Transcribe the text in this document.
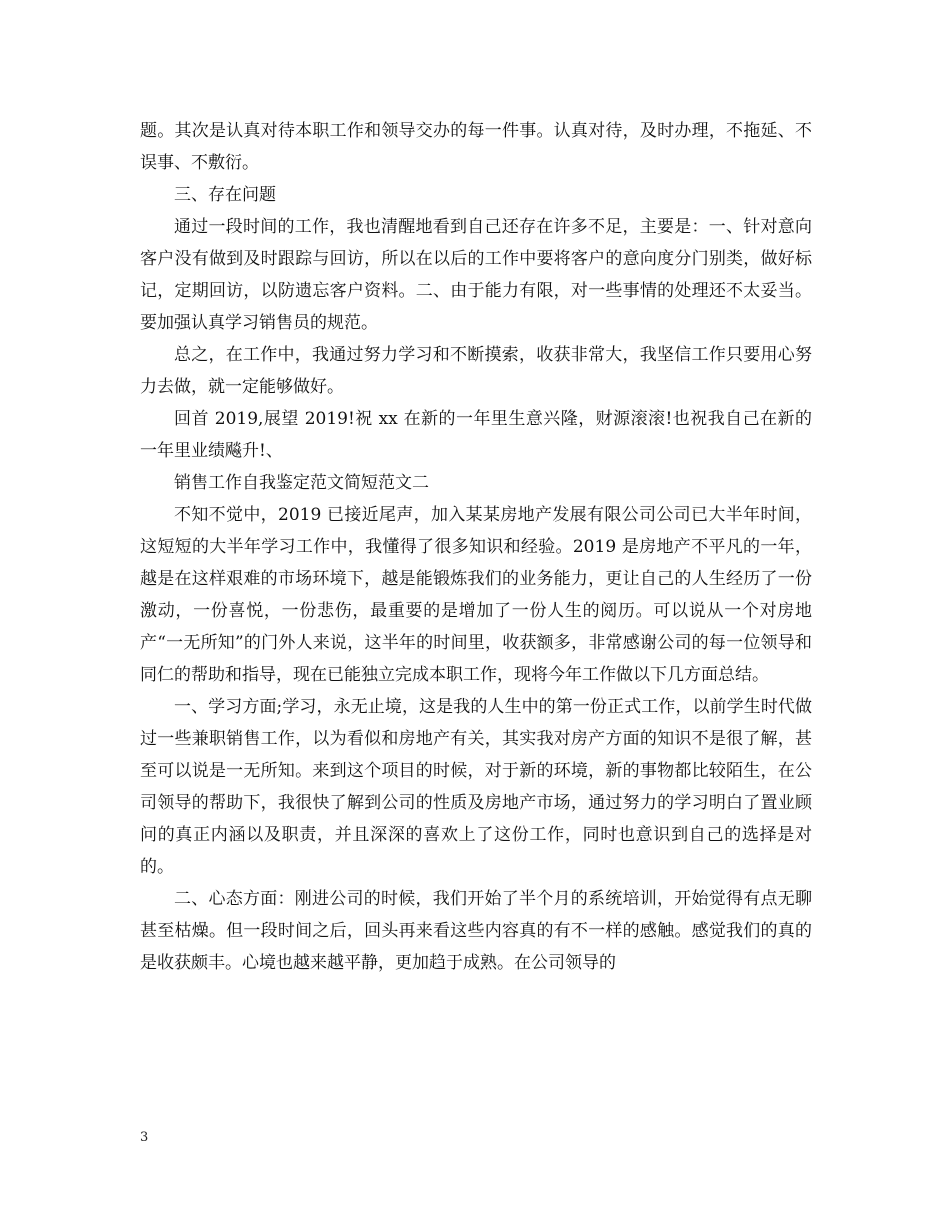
题。其次是认真对待本职工作和领导交办的每一件事。认真对待，及时办理，不拖延、不误事、不敷衍。

三、存在问题

通过一段时间的工作，我也清醒地看到自己还存在许多不足，主要是：一、针对意向客户没有做到及时跟踪与回访，所以在以后的工作中要将客户的意向度分门别类，做好标记，定期回访，以防遗忘客户资料。二、由于能力有限，对一些事情的处理还不太妥当。要加强认真学习销售员的规范。

总之，在工作中，我通过努力学习和不断摸索，收获非常大，我坚信工作只要用心努力去做，就一定能够做好。

回首 2019,展望 2019!祝 xx 在新的一年里生意兴隆，财源滚滚!也祝我自己在新的一年里业绩飚升!、

销售工作自我鉴定范文简短范文二

不知不觉中，2019 已接近尾声，加入某某房地产发展有限公司公司已大半年时间，这短短的大半年学习工作中，我懂得了很多知识和经验。2019 是房地产不平凡的一年，越是在这样艰难的市场环境下，越是能锻炼我们的业务能力，更让自己的人生经历了一份激动，一份喜悦，一份悲伤，最重要的是增加了一份人生的阅历。可以说从一个对房地产“一无所知”的门外人来说，这半年的时间里，收获额多，非常感谢公司的每一位领导和同仁的帮助和指导，现在已能独立完成本职工作，现将今年工作做以下几方面总结。

一、学习方面;学习，永无止境，这是我的人生中的第一份正式工作，以前学生时代做过一些兼职销售工作，以为看似和房地产有关，其实我对房产方面的知识不是很了解，甚至可以说是一无所知。来到这个项目的时候，对于新的环境，新的事物都比较陌生，在公司领导的帮助下，我很快了解到公司的性质及房地产市场，通过努力的学习明白了置业顾问的真正内涵以及职责，并且深深的喜欢上了这份工作，同时也意识到自己的选择是对的。

二、心态方面：刚进公司的时候，我们开始了半个月的系统培训，开始觉得有点无聊甚至枯燥。但一段时间之后，回头再来看这些内容真的有不一样的感触。感觉我们的真的是收获颇丰。心境也越来越平静，更加趋于成熟。在公司领导的

3
